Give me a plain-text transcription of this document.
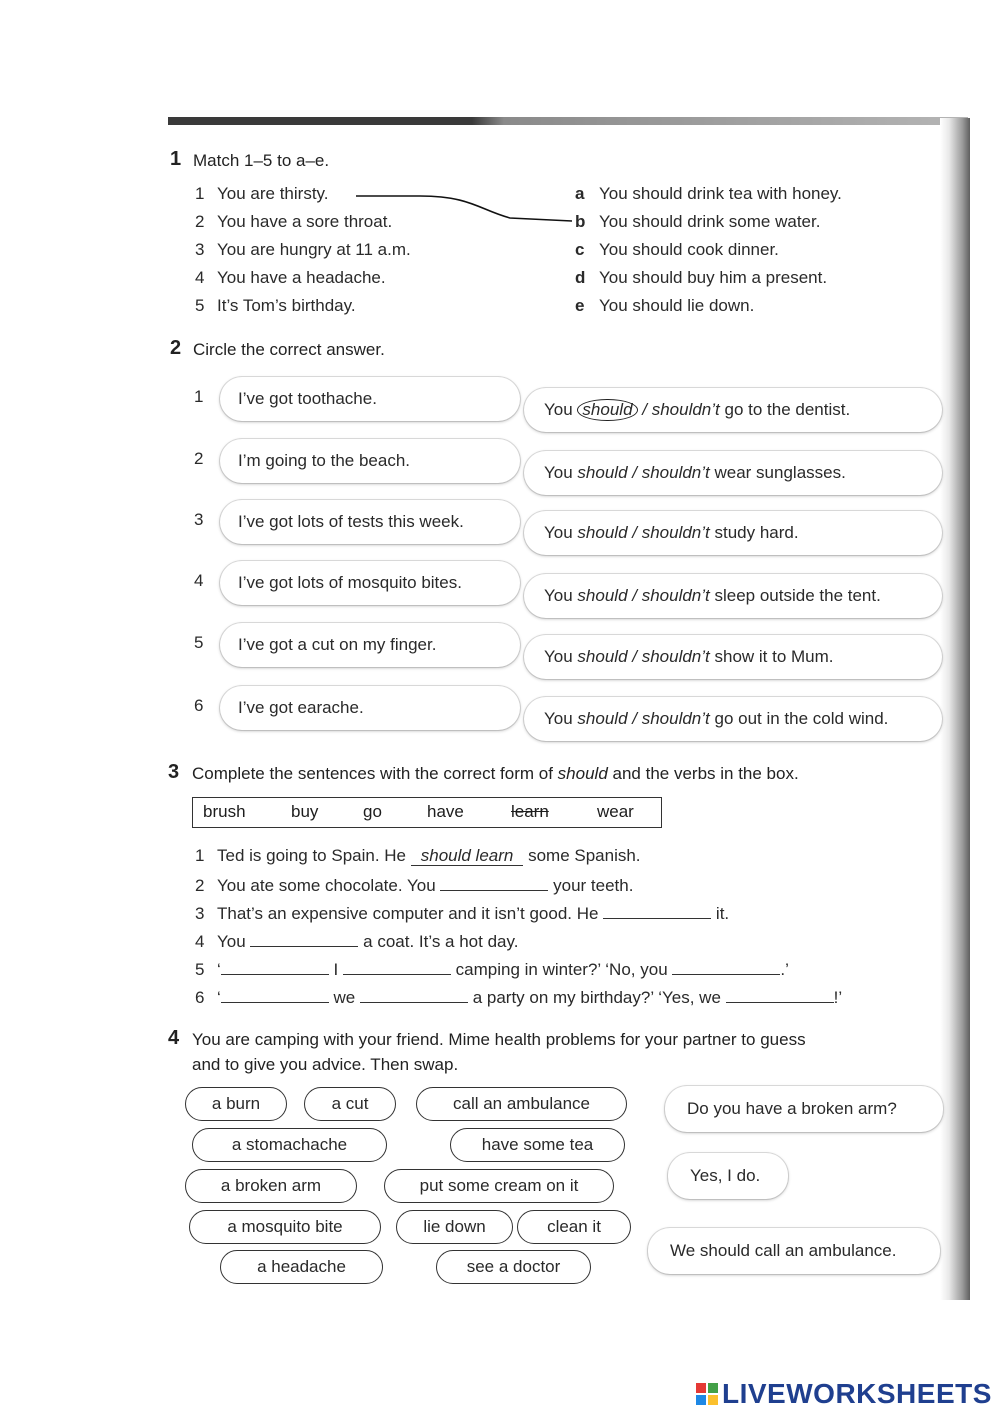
1 Match 1–5 to a–e.
1 You are thirsty.
2 You have a sore throat.
3 You are hungry at 11 a.m.
4 You have a headache.
5 It’s Tom’s birthday.
a You should drink tea with honey.
b You should drink some water.
c You should cook dinner.
d You should buy him a present.
e You should lie down.
2 Circle the correct answer.
1 I’ve got toothache.
You should / shouldn’t go to the dentist.
2 I’m going to the beach.
You should / shouldn’t wear sunglasses.
3 I’ve got lots of tests this week.
You should / shouldn’t study hard.
4 I’ve got lots of mosquito bites.
You should / shouldn’t sleep outside the tent.
5 I’ve got a cut on my finger.
You should / shouldn’t show it to Mum.
6 I’ve got earache.
You should / shouldn’t go out in the cold wind.
3 Complete the sentences with the correct form of should and the verbs in the box.
brush	buy	go	have	learn	wear
1 Ted is going to Spain. He should learn some Spanish.
2 You ate some chocolate. You	your teeth.
3 That’s an expensive computer and it isn’t good. He	it.
4 You	a coat. It’s a hot day.
5 ‘	I	camping in winter?’ ‘No, you	.’
6 ‘	we	a party on my birthday?’ ‘Yes, we	!’
4 You are camping with your friend. Mime health problems for your partner to guess
and to give you advice. Then swap.
a burn	a cut	call an ambulance
a stomachache	have some tea
a broken arm	put some cream on it
a mosquito bite	lie down	clean it
a headache	see a doctor
Do you have a broken arm?
Yes, I do.
We should call an ambulance.
LIVEWORKSHEETS
